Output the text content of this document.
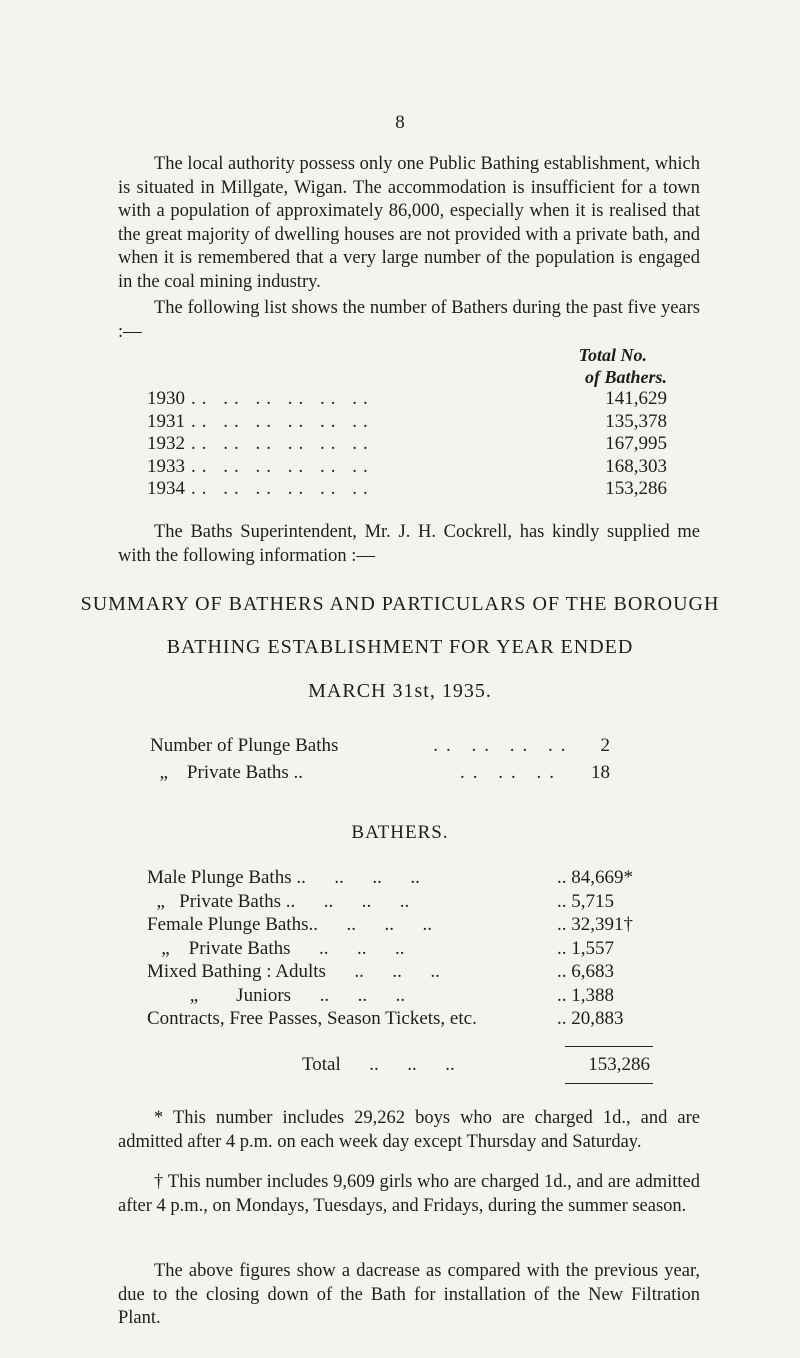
8

The local authority possess only one Public Bathing establishment, which is situated in Millgate, Wigan. The accommodation is insufficient for a town with a population of approximately 86,000, especially when it is realised that the great majority of dwelling houses are not provided with a private bath, and when it is remembered that a very large number of the population is engaged in the coal mining industry.

The following list shows the number of Bathers during the past five years :—

Total No.
of Bathers.
1930 .. .. .. .. .. ..	141,629
1931 .. .. .. .. .. ..	135,378
1932 .. .. .. .. .. ..	167,995
1933 .. .. .. .. .. ..	168,303
1934 .. .. .. .. .. ..	153,286

The Baths Superintendent, Mr. J. H. Cockrell, has kindly supplied me with the following information :—

SUMMARY OF BATHERS AND PARTICULARS OF THE BOROUGH
BATHING ESTABLISHMENT FOR YEAR ENDED
MARCH 31st, 1935.
Number of Plunge Baths	.. .. .. ..	2
„    Private Baths ..	.. .. ..	18
BATHERS.
Male Plunge Baths ..      ..      ..      ..	.. 84,669*
„   Private Baths ..      ..      ..      ..	.. 5,715
Female Plunge Baths..      ..      ..      ..	.. 32,391†
„    Private Baths      ..      ..      ..	.. 1,557
Mixed Bathing : Adults      ..      ..      ..	.. 6,683
„        Juniors      ..      ..      ..	.. 1,388
Contracts, Free Passes, Season Tickets, etc.	.. 20,883
Total      ..      ..      ..	153,286

* This number includes 29,262 boys who are charged 1d., and are admitted after 4 p.m. on each week day except Thursday and Saturday.

† This number includes 9,609 girls who are charged 1d., and are admitted after 4 p.m., on Mondays, Tuesdays, and Fridays, during the summer season.

The above figures show a dacrease as compared with the previous year, due to the closing down of the Bath for installation of the New Filtration Plant.
